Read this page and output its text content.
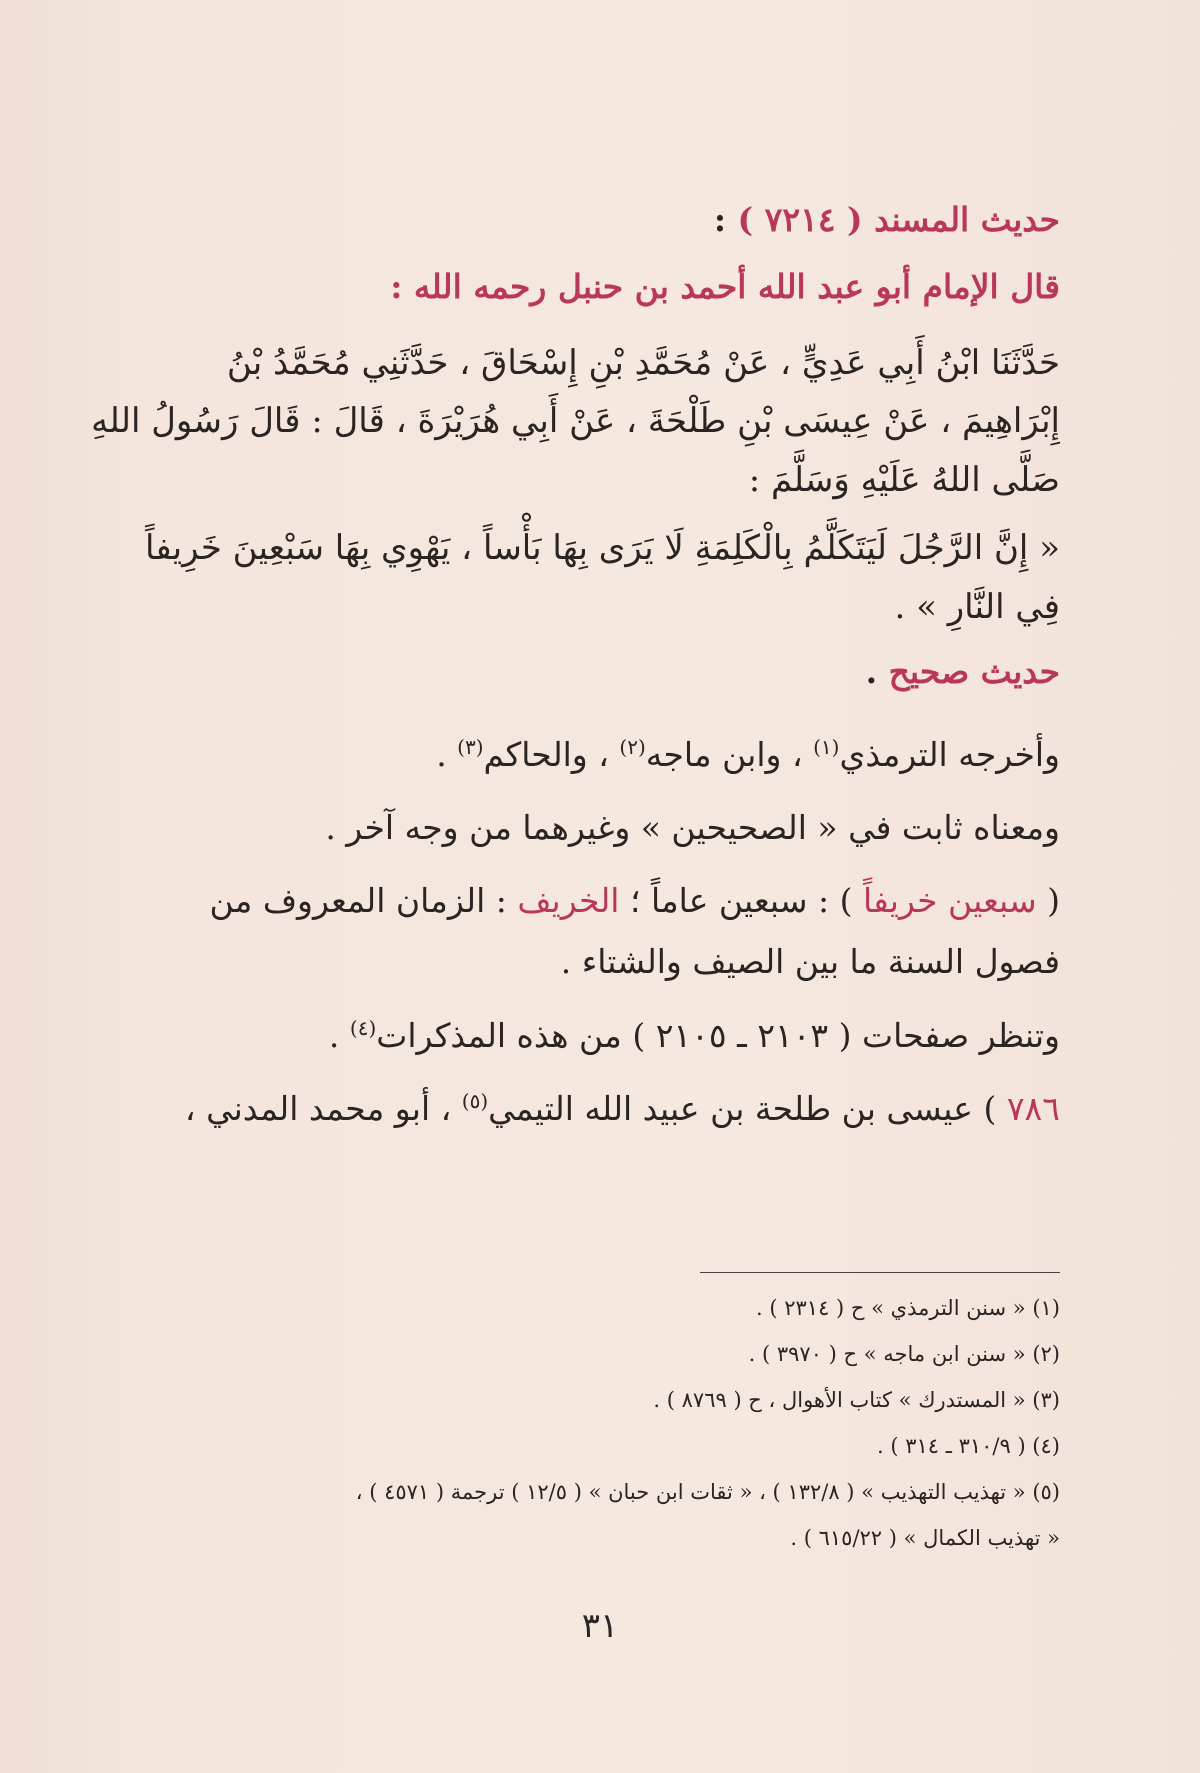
حديث المسند ( ٧٢١٤ ) :

قال الإمام أبو عبد الله أحمد بن حنبل رحمه الله :

حَدَّثَنَا ابْنُ أَبِي عَدِيٍّ ، عَنْ مُحَمَّدِ بْنِ إِسْحَاقَ ، حَدَّثَنِي مُحَمَّدُ بْنُ

إِبْرَاهِيمَ ، عَنْ عِيسَى بْنِ طَلْحَةَ ، عَنْ أَبِي هُرَيْرَةَ ، قَالَ : قَالَ رَسُولُ اللهِ

صَلَّى اللهُ عَلَيْهِ وَسَلَّمَ :

« إِنَّ الرَّجُلَ لَيَتَكَلَّمُ بِالْكَلِمَةِ لَا يَرَى بِهَا بَأْساً ، يَهْوِي بِهَا سَبْعِينَ خَرِيفاً

فِي النَّارِ » .

حديث صحيح .

وأخرجه الترمذي$^{(١)}$ ، وابن ماجه$^{(٢)}$ ، والحاكم$^{(٣)}$ .

ومعناه ثابت في « الصحيحين » وغيرهما من وجه آخر .

( سبعين خريفاً ) : سبعين عاماً ؛ الخريف : الزمان المعروف من

فصول السنة ما بين الصيف والشتاء .

وتنظر صفحات ( ٢١٠٣ ـ ٢١٠٥ ) من هذه المذكرات$^{(٤)}$ .

٧٨٦ ) عيسى بن طلحة بن عبيد الله التيمي$^{(٥)}$ ، أبو محمد المدني ،

(١) « سنن الترمذي » ح ( ٢٣١٤ ) .

(٢) « سنن ابن ماجه » ح ( ٣٩٧٠ ) .

(٣) « المستدرك » كتاب الأهوال ، ح ( ٨٧٦٩ ) .

(٤) ( ٣١٠/٩ ـ ٣١٤ ) .

(٥) « تهذيب التهذيب » ( ١٣٢/٨ ) ، « ثقات ابن حبان » ( ١٢/٥ ) ترجمة ( ٤٥٧١ ) ،

« تهذيب الكمال » ( ٦١٥/٢٢ ) .

٣١
